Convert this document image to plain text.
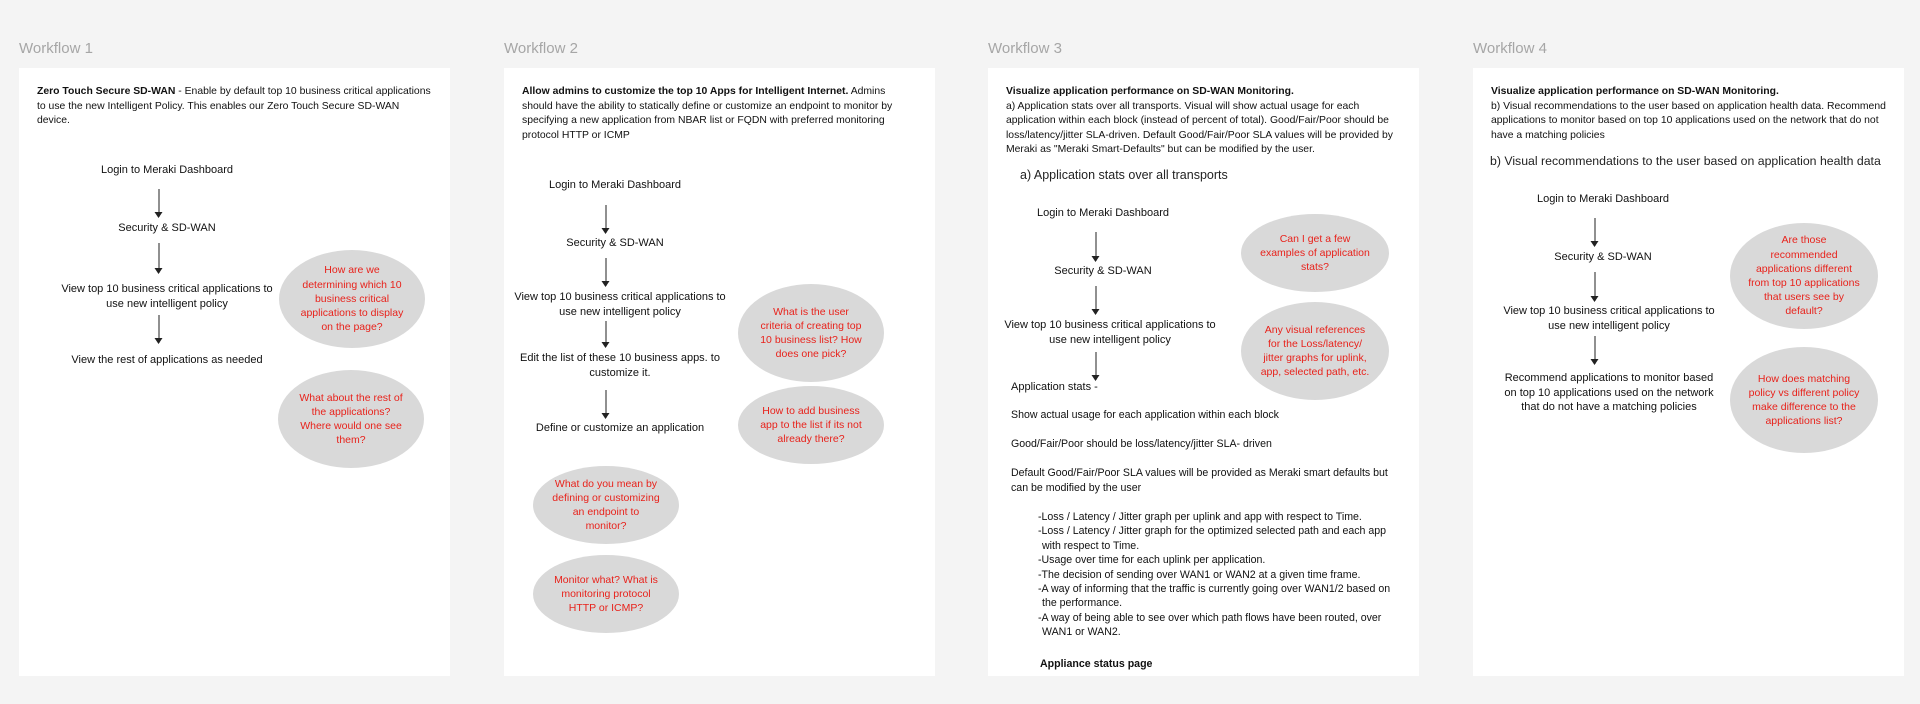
Workflow 1
Zero Touch Secure SD-WAN - Enable by default top 10 business critical applications to use the new Intelligent Policy. This enables our Zero Touch Secure SD-WAN device.
Login to Meraki Dashboard
Security & SD-WAN
View top 10 business critical applications to use new intelligent policy
View the rest of applications as needed
How are we determining which 10 business critical applications to display on the page?
What about the rest of the applications? Where would one see them?
Workflow 2
Allow admins to customize the top 10 Apps for Intelligent Internet. Admins should have the ability to statically define or customize an endpoint to monitor by specifying a new application from NBAR list or FQDN with preferred monitoring protocol HTTP or ICMP
Login to Meraki Dashboard
Security & SD-WAN
View top 10 business critical applications to use new intelligent policy
Edit the list of these 10 business apps. to customize it.
Define or customize an application
What is the user criteria of creating top 10 business list? How does one pick?
How to add business app to the list if its not already there?
What do you mean by defining or customizing an endpoint to monitor?
Monitor what? What is monitoring protocol HTTP or ICMP?
Workflow 3
Visualize application performance on SD-WAN Monitoring.
a) Application stats over all transports. Visual will show actual usage for each application within each block (instead of percent of total). Good/Fair/Poor should be loss/latency/jitter SLA-driven. Default Good/Fair/Poor SLA values will be provided by Meraki as "Meraki Smart-Defaults" but can be modified by the user.
a) Application stats over all transports
Login to Meraki Dashboard
Security & SD-WAN
View top 10 business critical applications to use new intelligent policy
Application stats -
Show actual usage for each application within each block
Good/Fair/Poor should be loss/latency/jitter SLA- driven
Default Good/Fair/Poor SLA values will be provided as Meraki smart defaults but can be modified by the user
-Loss / Latency / Jitter graph per uplink and app with respect to Time.
-Loss / Latency / Jitter graph for the optimized selected path and each app with respect to Time.
-Usage over time for each uplink per application.
-The decision of sending over WAN1 or WAN2 at a given time frame.
-A way of informing that the traffic is currently going over WAN1/2 based on the performance.
-A way of being able to see over which path flows have been routed, over WAN1 or WAN2.
Appliance status page
Can I get a few examples of application stats?
Any visual references for the Loss/latency/ jitter graphs for uplink, app, selected path, etc.
Workflow 4
Visualize application performance on SD-WAN Monitoring.
b) Visual recommendations to the user based on application health data. Recommend applications to monitor based on top 10 applications used on the network that do not have a matching policies
b) Visual recommendations to the user based on application health data
Login to Meraki Dashboard
Security & SD-WAN
View top 10 business critical applications to use new intelligent policy
Recommend applications to monitor based on top 10 applications used on the network that do not have a matching policies
Are those recommended applications different from top 10 applications that users see by default?
How does matching policy vs different policy make difference to the applications list?
